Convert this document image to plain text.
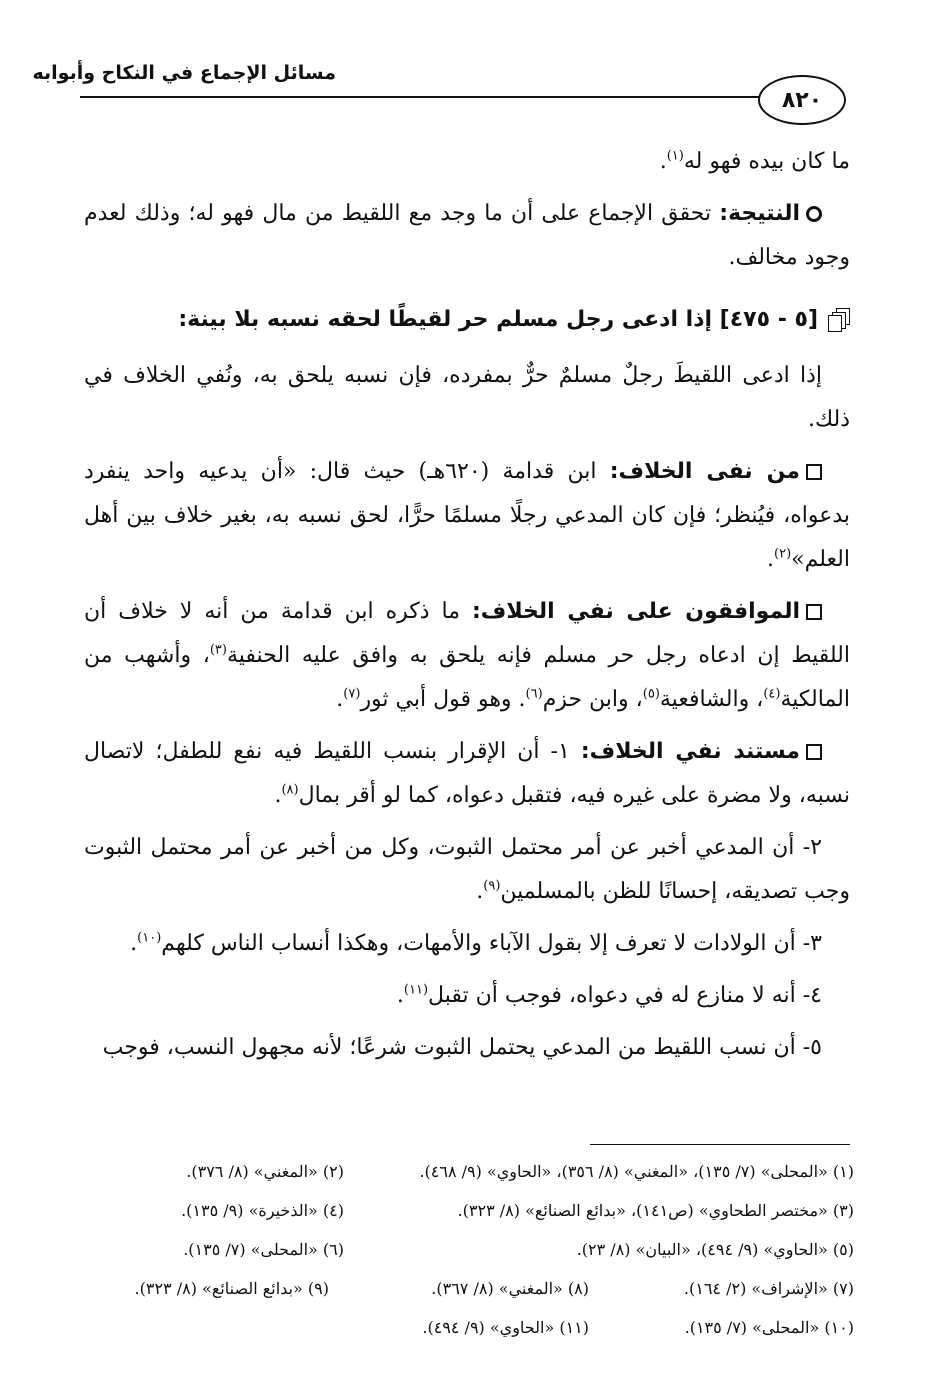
مسائل الإجماع في النكاح وأبوابه
٨٢٠

ما كان بيده فهو له$^{(١)}$.

النتيجة: تحقق الإجماع على أن ما وجد مع اللقيط من مال فهو له؛ وذلك لعدم وجود مخالف.

[٥ - ٤٧٥] إذا ادعى رجل مسلم حر لقيطًا لحقه نسبه بلا بينة:

إذا ادعى اللقيطَ رجلٌ مسلمٌ حرٌّ بمفرده، فإن نسبه يلحق به، ونُفي الخلاف في ذلك.

من نفى الخلاف: ابن قدامة (٦٢٠هـ) حيث قال: «أن يدعيه واحد ينفرد بدعواه، فيُنظر؛ فإن كان المدعي رجلًا مسلمًا حرًّا، لحق نسبه به، بغير خلاف بين أهل العلم»$^{(٢)}$.

الموافقون على نفي الخلاف: ما ذكره ابن قدامة من أنه لا خلاف أن اللقيط إن ادعاه رجل حر مسلم فإنه يلحق به وافق عليه الحنفية$^{(٣)}$، وأشهب من المالكية$^{(٤)}$، والشافعية$^{(٥)}$، وابن حزم$^{(٦)}$. وهو قول أبي ثور$^{(٧)}$.

مستند نفي الخلاف: ١- أن الإقرار بنسب اللقيط فيه نفع للطفل؛ لاتصال نسبه، ولا مضرة على غيره فيه، فتقبل دعواه، كما لو أقر بمال$^{(٨)}$.

٢- أن المدعي أخبر عن أمر محتمل الثبوت، وكل من أخبر عن أمر محتمل الثبوت وجب تصديقه، إحسانًا للظن بالمسلمين$^{(٩)}$.

٣- أن الولادات لا تعرف إلا بقول الآباء والأمهات، وهكذا أنساب الناس كلهم$^{(١٠)}$.

٤- أنه لا منازع له في دعواه، فوجب أن تقبل$^{(١١)}$.

٥- أن نسب اللقيط من المدعي يحتمل الثبوت شرعًا؛ لأنه مجهول النسب، فوجب

(١) «المحلى» (٧/ ١٣٥)، «المغني» (٨/ ٣٥٦)، «الحاوي» (٩/ ٤٦٨).
(٢) «المغني» (٨/ ٣٧٦).
(٣) «مختصر الطحاوي» (ص١٤١)، «بدائع الصنائع» (٨/ ٣٢٣).
(٤) «الذخيرة» (٩/ ١٣٥).
(٥) «الحاوي» (٩/ ٤٩٤)، «البيان» (٨/ ٢٣).
(٦) «المحلى» (٧/ ١٣٥).
(٧) «الإشراف» (٢/ ١٦٤).
(٨) «المغني» (٨/ ٣٦٧).
(٩) «بدائع الصنائع» (٨/ ٣٢٣).
(١٠) «المحلى» (٧/ ١٣٥).
(١١) «الحاوي» (٩/ ٤٩٤).
